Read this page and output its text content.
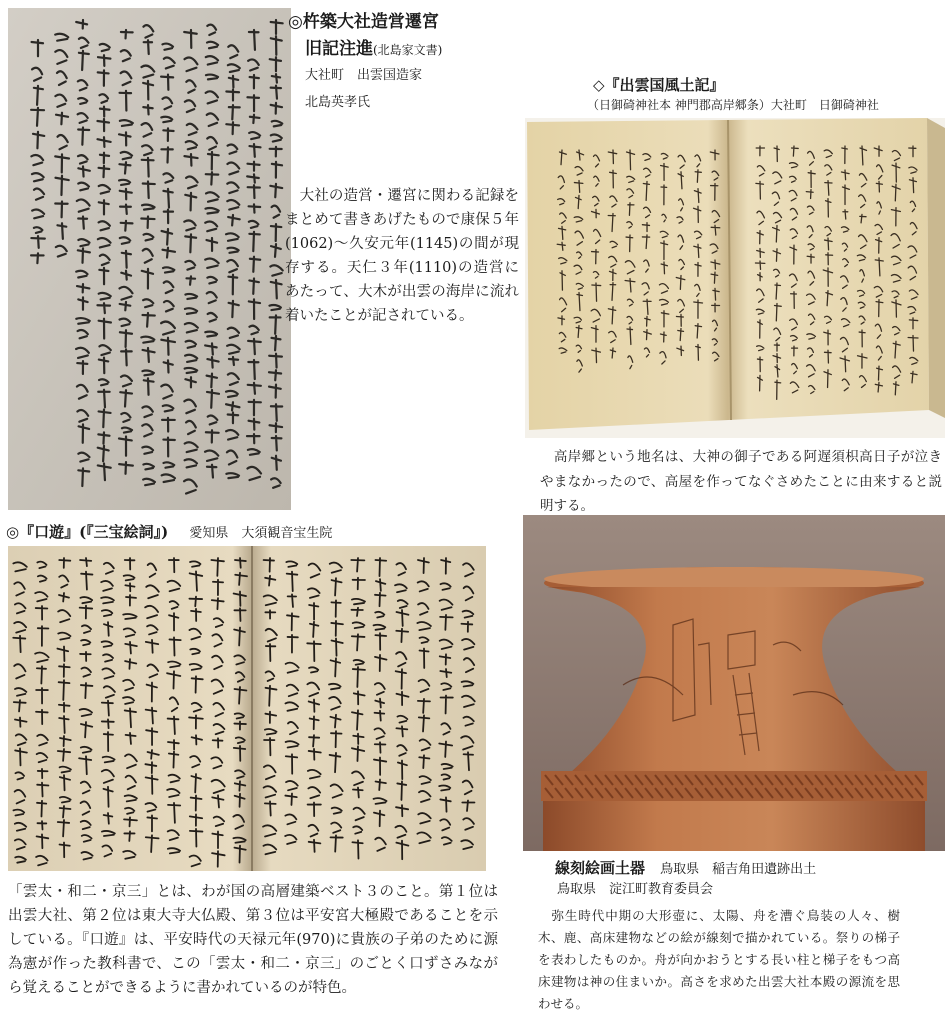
◎杵築大社造営遷宮
旧記注進(北島家文書)
大社町　出雲国造家
北島英孝氏
　大社の造営・遷宮に関わる記録をまとめて書きあげたもので康保５年(1062)～久安元年(1145)の間が現存する。天仁３年(1110)の造営にあたって、大木が出雲の海岸に流れ着いたことが記されている。
◇『出雲国風土記』
（日御碕神社本 神門郡高岸郷条）大社町　日御碕神社
　高岸郷という地名は、大神の御子である阿遅須枳高日子が泣きやまなかったので、高屋を作ってなぐさめたことに由来すると説明する。
◎『口遊』(『三宝絵詞』) 愛知県　大須観音宝生院
「雲太・和二・京三」とは、わが国の高層建築ベスト３のこと。第１位は出雲大社、第２位は東大寺大仏殿、第３位は平安宮大極殿であることを示している。『口遊』は、平安時代の天禄元年(970)に貴族の子弟のために源為憲が作った教科書で、この「雲太・和二・京三」のごとく口ずさみながら覚えることができるように書かれているのが特色。
線刻絵画土器 鳥取県　稲吉角田遺跡出土
鳥取県　淀江町教育委員会
　弥生時代中期の大形壺に、太陽、舟を漕ぐ鳥装の人々、樹木、鹿、高床建物などの絵が線刻で描かれている。祭りの梯子を表わしたものか。舟が向かおうとする長い柱と梯子をもつ高床建物は神の住まいか。高さを求めた出雲大社本殿の源流を思わせる。
